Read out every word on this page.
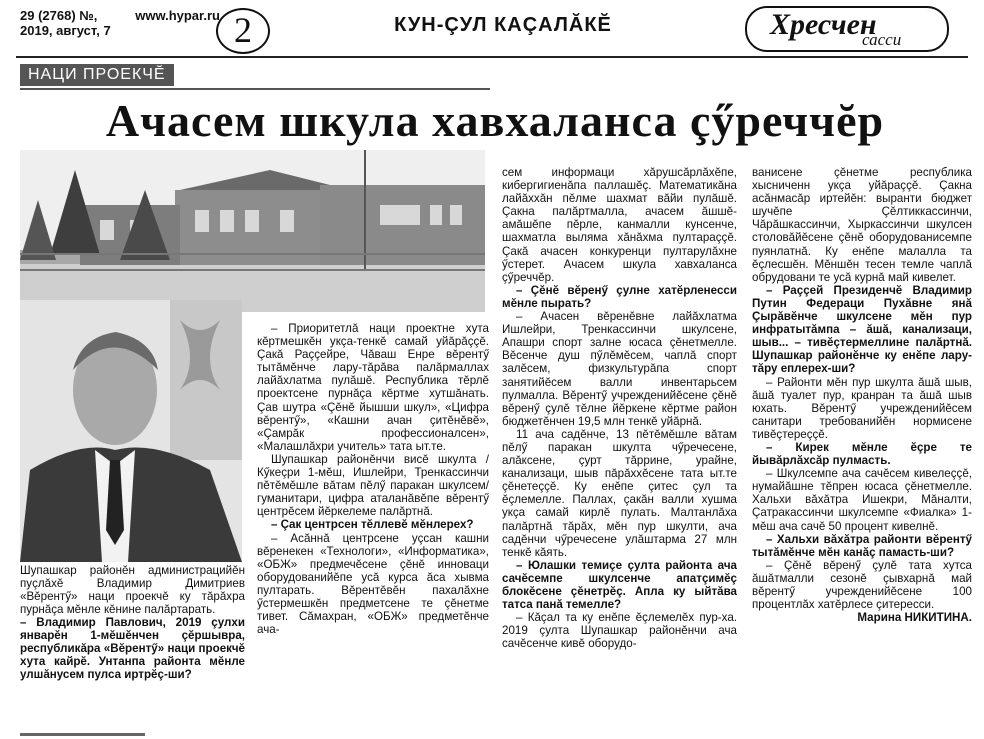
29 (2768) №,	www.hypar.ru
2019, август, 7	2	КУН-ÇУЛ КАÇАЛĂКĔ	Хресчен
сасси
НАЦИ ПРОЕКЧĔ
Ачасем шкула хавхаланса çӳреччĕр
Шупашкар районĕн администрацийĕн пуçлăхĕ Владимир Димитриев «Вĕрентӳ» наци проекчĕ ку тăрăхра пурнăçа мĕнле кĕнине палăртарать.
– Владимир Павлович, 2019 çулхи январĕн 1-мĕшĕнчен çĕршывра, республикăра «Вĕрентӳ» наци проекчĕ хута кайрĕ. Унтанпа районта мĕнле улшăнусем пулса иртрĕç-ши?

– Приоритетлă наци проектне хута кĕртмешкĕн укçа-тенкĕ самай уйăрăççĕ. Çакă Раççейре, Чăваш Енре вĕрентӳ тытăмĕнче лару-тăрăва палăрмаллах лайăхлатма пулăшĕ. Республика тĕрлĕ проектсене пурнăçа кĕртме хутшăнать. Çав шутра «Çĕнĕ йышши шкул», «Цифра вĕрентӳ», «Кашни ачан çитĕнĕвĕ», «Çамрăк профессионалсен», «Малашлăхри учитель» тата ыт.те.

Шупашкар районĕнчи висĕ шкулта /Кӳкеçри 1-мĕш, Ишлейри, Тренкассинчи пĕтĕмĕшле вăтам пĕлӳ паракан шкулсем/ гуманитари, цифра аталанăвĕпе вĕрентӳ центрĕсем йĕркелеме палăртнă.

– Çак центрсен тĕллевĕ мĕнлерех?

– Асăннă центрсене уçсан кашни вĕренекен «Технологи», «Информатика», «ОБЖ» предмечĕсене çĕнĕ инноваци оборудованийĕпе усă курса ăса хывма пултарать. Вĕрентĕвĕн пахалăхне ӳстермешкĕн предметсене те çĕнетме тивет. Сăмахран, «ОБЖ» предметĕнче ача-

сем информаци хăрушсăрлăхĕпе, кибергигиенăпа паллашĕç. Математикăна лайăххăн пĕлме шахмат вăйи пулăшĕ. Çакна палăртмалла, ачасем ăшшĕ-амăшĕпе пĕрле, канмалли кунсенче, шахматла выляма хăнăхма пултараççĕ. Çакă ачасен конкуренци пултарулăхне ӳстерет. Ачасем шкула хавхаланса çӳреччĕр.

– Çĕнĕ вĕренӳ çулне хатĕрленесси мĕнле пырать?

– Ачасен вĕренĕвне лайăхлатма Ишлейри, Тренкассинчи шкулсене, Апашри спорт залне юсаса çĕнетмелле. Вĕсенче душ пӳлĕмĕсем, чаплă спорт залĕсем, физкультурăпа спорт занятийĕсем валли инвентарьсем пулмалла. Вĕрентӳ учрежденийĕсене çĕнĕ вĕренӳ çулĕ тĕлне йĕркене кĕртме район бюджетĕнчен 19,5 млн тенкĕ уйăрнă.

11 ача садĕнче, 13 пĕтĕмĕшле вăтам пĕлӳ паракан шкулта чӳречесене, алăксене, çурт тăррине, урайне, канализаци, шыв пăрăххĕсене тата ыт.те çĕнетеççĕ. Ку енĕпе çитес çул та ĕçлемелле. Паллах, çакăн валли хушма укçа самай кирлĕ пулать. Малтанлăха палăртнă тăрăх, мĕн пур шкулти, ача садĕнчи чӳречесене улăштарма 27 млн тенкĕ кăять.

– Юлашки темиçе çулта районта ача сачĕсемпе шкулсенче апатçимĕç блокĕсене çĕнетрĕç. Апла ку ыйтăва татса панă темелле?

– Кăçал та ку енĕпе ĕçлемелĕх пур-ха. 2019 çулта Шупашкар районĕнчи ача сачĕсенче кивĕ оборудо-

ванисене çĕнетме республика хысниченн укçа уйăраççĕ. Çакна асăнмасăр иртейĕн: выранти бюджет шучĕпе Çĕлтиккассинчи, Чăрăшкассинчи, Хыркассинчи шкулсен столовăйĕсене çĕнĕ оборудованисемпе пуянлатнă. Ку енĕпе малалла та ĕçлесшĕн. Мĕншĕн тесен темле чаплă обрудовани те усă курнă май кивелет.

– Раççей Президенчĕ Владимир Путин Федераци Пухăвне янă Çырăвĕнче шкулсене мĕн пур инфратытăмпа – ăшă, канализаци, шыв... – тивĕçтермеллине палăртнă. Шупашкар районĕнче ку енĕпе лару-тăру еплерех-ши?

– Районти мĕн пур шкулта ăшă шыв, ăшă туалет пур, кранран та ăшă шыв юхать. Вĕрентӳ учрежденийĕсем санитари требованийĕн нормисене тивĕçтереççĕ.

– Кирек мĕнле ĕçре те йывăрлăхсăр пулмасть.

– Шкулсемпе ача сачĕсем кивелеççĕ, нумайăшне тĕпрен юсаса çĕнетмелле. Хальхи вăхăтра Ишекри, Мăналти, Çатракассинчи шкулсемпе «Фиалка» 1-мĕш ача сачĕ 50 процент кивелнĕ.

– Хальхи вăхăтра районти вĕрентӳ тытăмĕнче мĕн канăç памасть-ши?

– Çĕнĕ вĕренӳ çулĕ тата хутса ăшăтмалли сезонĕ çывхарнă май вĕрентӳ учрежденийĕсене 100 процентлăх хатĕрлесе çитересси.

Марина НИКИТИНА.
